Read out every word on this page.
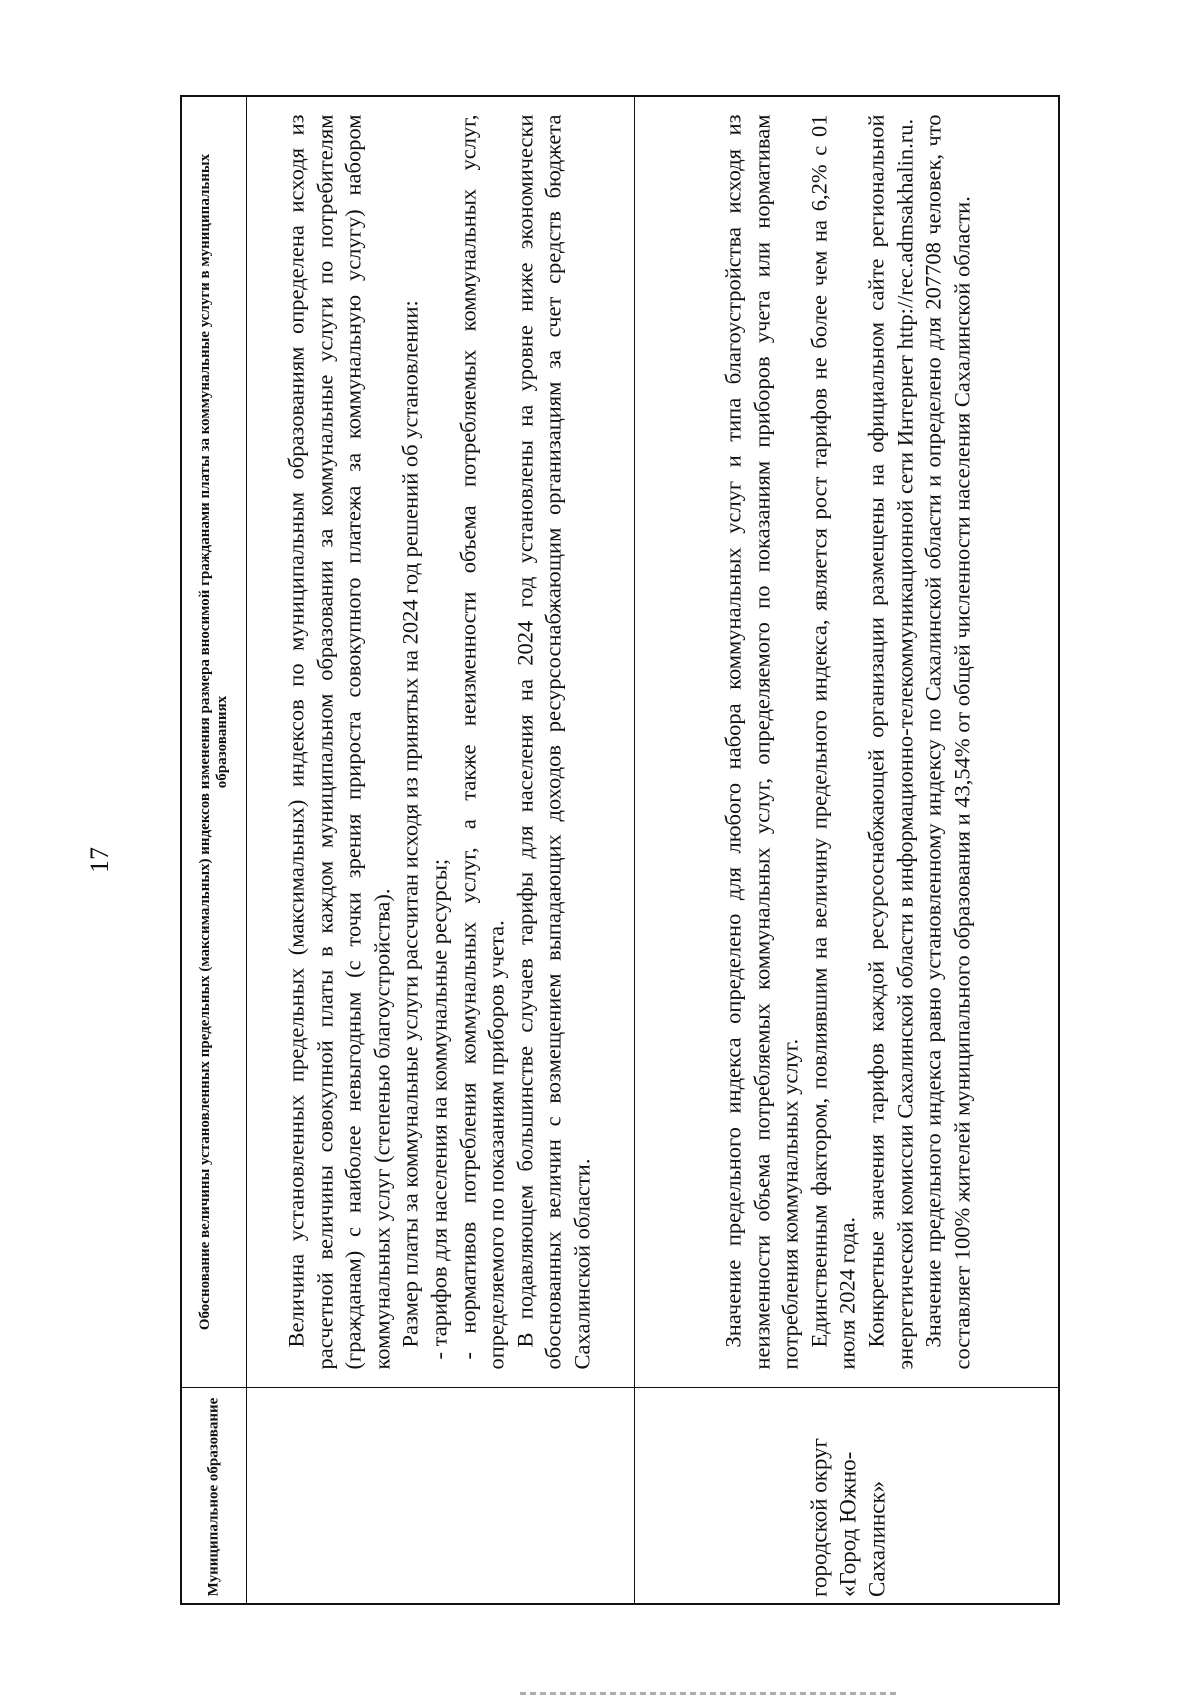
17
Муниципальное образование
Обоснование величины установленных предельных (максимальных) индексов изменения размера вносимой гражданами платы за коммунальные услуги в муниципальных образованиях Величина установленных предельных (максимальных) индексов по муниципальным образованиям определена исходя из расчетной величины совокупной платы в каждом муниципальном образовании за коммунальные услуги по потребителям (гражданам) с наиболее невыгодным (с точки зрения прироста совокупного платежа за коммунальную услугу) набором коммунальных услуг (степенью благоустройства). Размер платы за коммунальные услуги рассчитан исходя из принятых на 2024 год решений об установлении: - тарифов для населения на коммунальные ресурсы; - нормативов потребления коммунальных услуг, а также неизменности объема потребляемых коммунальных услуг, определяемого по показаниям приборов учета. В подавляющем большинстве случаев тарифы для населения на 2024 год установлены на уровне ниже экономически обоснованных величин с возмещением выпадающих доходов ресурсоснабжающим организациям за счет средств бюджета Сахалинской области.

городской округ «Город Южно-Сахалинск»

Значение предельного индекса определено для любого набора коммунальных услуг и типа благоустройства исходя из неизменности объема потребляемых коммунальных услуг, определяемого по показаниям приборов учета или нормативам потребления коммунальных услуг. Единственным фактором, повлиявшим на величину предельного индекса, является рост тарифов не более чем на 6,2% с 01 июля 2024 года. Конкретные значения тарифов каждой ресурсоснабжающей организации размещены на официальном сайте региональной энергетической комиссии Сахалинской области в информационно-телекоммуникационной сети Интернет http://rec.admsakhalin.ru. Значение предельного индекса равно установленному индексу по Сахалинской области и определено для 207708 человек, что составляет 100% жителей муниципального образования и 43,54% от общей численности населения Сахалинской области.
